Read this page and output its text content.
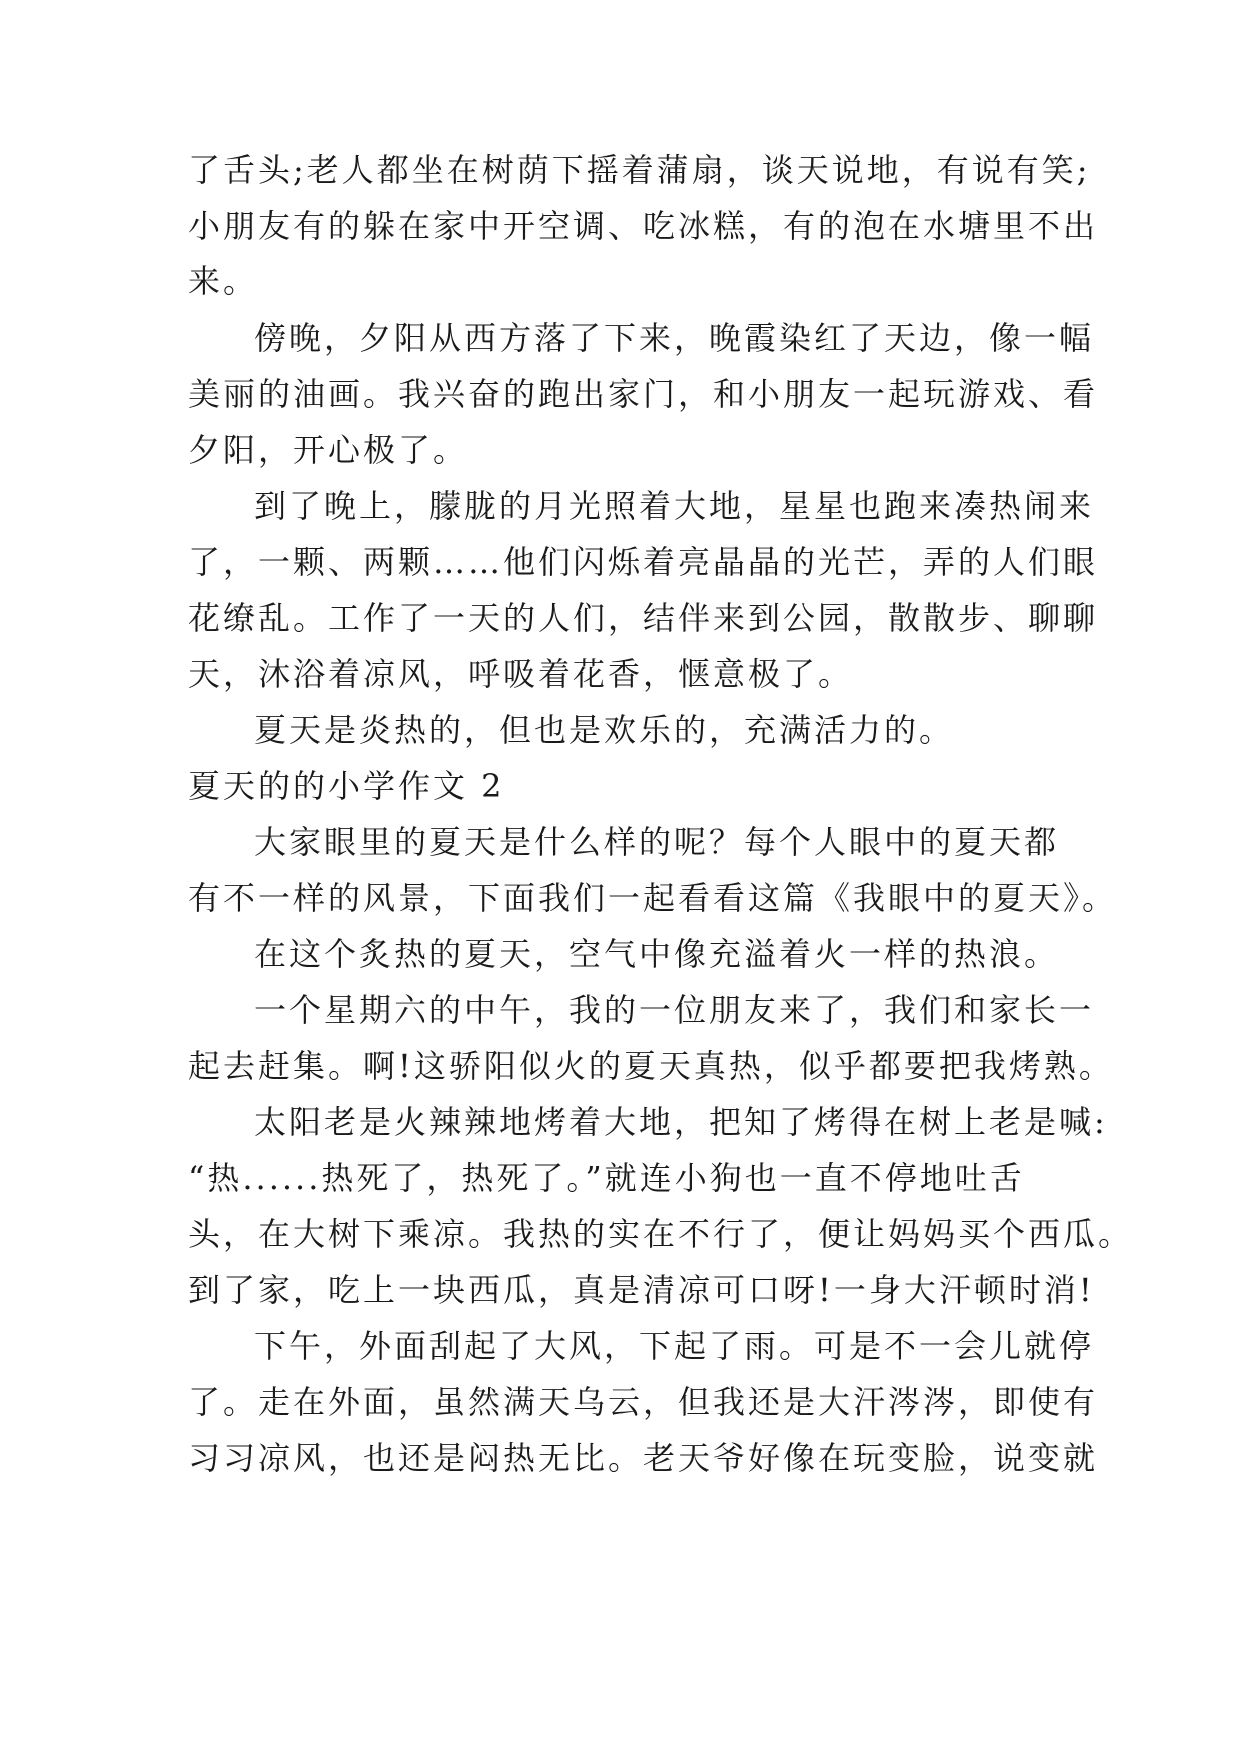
了舌头;老人都坐在树荫下摇着蒲扇，谈天说地，有说有笑;
小朋友有的躲在家中开空调、吃冰糕，有的泡在水塘里不出
来。
傍晚，夕阳从西方落了下来，晚霞染红了天边，像一幅
美丽的油画。我兴奋的跑出家门，和小朋友一起玩游戏、看
夕阳，开心极了。
到了晚上，朦胧的月光照着大地，星星也跑来凑热闹来
了，一颗、两颗……他们闪烁着亮晶晶的光芒，弄的人们眼
花缭乱。工作了一天的人们，结伴来到公园，散散步、聊聊
天，沐浴着凉风，呼吸着花香，惬意极了。
夏天是炎热的，但也是欢乐的，充满活力的。
夏天的的小学作文 2
大家眼里的夏天是什么样的呢？每个人眼中的夏天都
有不一样的风景，下面我们一起看看这篇《我眼中的夏天》。
在这个炙热的夏天，空气中像充溢着火一样的热浪。
一个星期六的中午，我的一位朋友来了，我们和家长一
起去赶集。啊!这骄阳似火的夏天真热，似乎都要把我烤熟。
太阳老是火辣辣地烤着大地，把知了烤得在树上老是喊:
“热......热死了，热死了。”就连小狗也一直不停地吐舌
头，在大树下乘凉。我热的实在不行了，便让妈妈买个西瓜。
到了家，吃上一块西瓜，真是清凉可口呀!一身大汗顿时消!
下午，外面刮起了大风，下起了雨。可是不一会儿就停
了。走在外面，虽然满天乌云，但我还是大汗涔涔，即使有
习习凉风，也还是闷热无比。老天爷好像在玩变脸，说变就
